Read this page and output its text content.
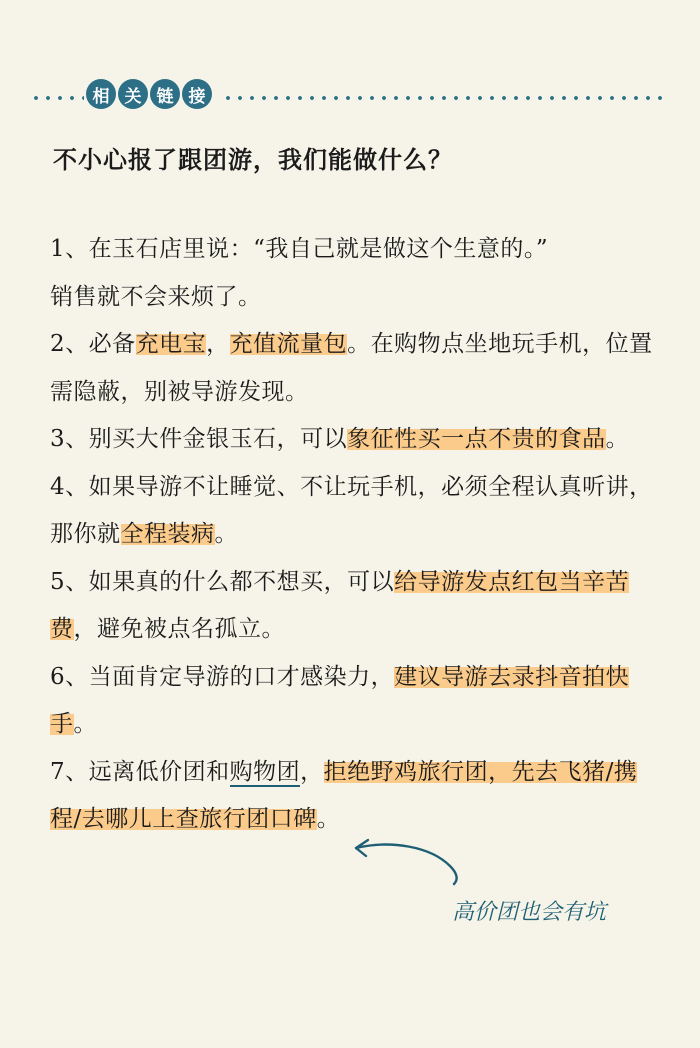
相 关 链 接
不小心报了跟团游，我们能做什么？
1、在玉石店里说：“我自己就是做这个生意的。”
销售就不会来烦了。
2、必备充电宝，充值流量包。在购物点坐地玩手机，位置需隐蔽，别被导游发现。
3、别买大件金银玉石，可以象征性买一点不贵的食品。
4、如果导游不让睡觉、不让玩手机，必须全程认真听讲，那你就全程装病。
5、如果真的什么都不想买，可以给导游发点红包当辛苦费，避免被点名孤立。
6、当面肯定导游的口才感染力，建议导游去录抖音拍快手。
7、远离低价团和购物团，拒绝野鸡旅行团，先去飞猪/携程/去哪儿上查旅行团口碑。
高价团也会有坑
